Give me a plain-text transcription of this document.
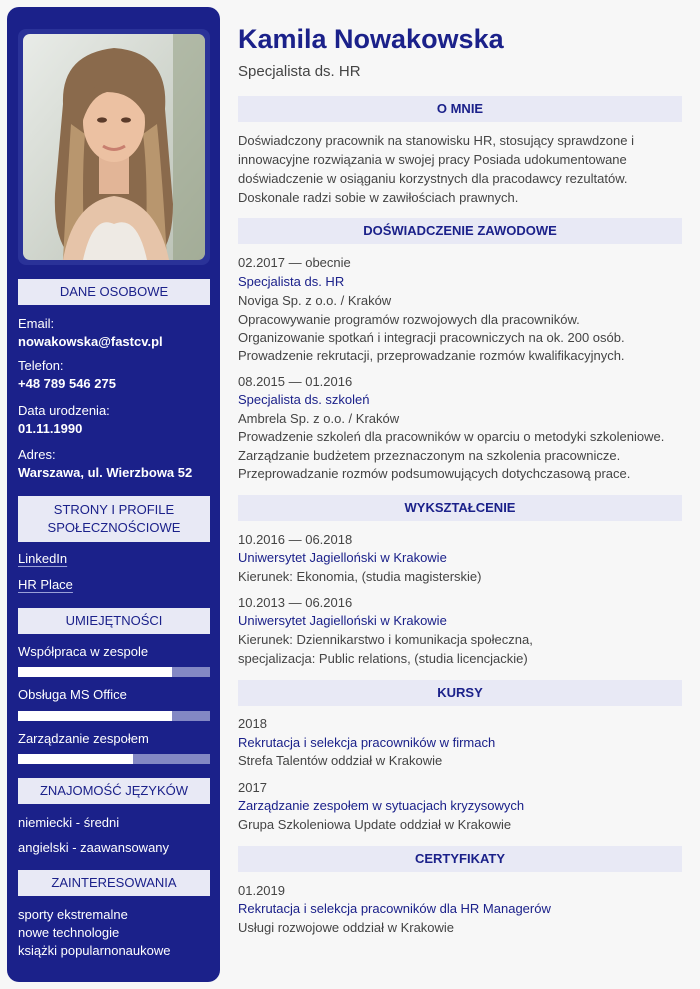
DANE OSOBOWE
Email:
nowakowska@fastcv.pl
Telefon:
+48 789 546 275
Data urodzenia:
01.11.1990
Adres:
Warszawa, ul. Wierzbowa 52
STRONY I PROFILE
SPOŁECZNOŚCIOWE
LinkedIn
HR Place
UMIEJĘTNOŚCI
Współpraca w zespole
Obsługa MS Office
Zarządzanie zespołem
ZNAJOMOŚĆ JĘZYKÓW
niemiecki - średni
angielski - zaawansowany
ZAINTERESOWANIA
sporty ekstremalne
nowe technologie
książki popularnonaukowe
Kamila Nowakowska
Specjalista ds. HR
O MNIE
Doświadczony pracownik na stanowisku HR, stosujący sprawdzone i
innowacyjne rozwiązania w swojej pracy Posiada udokumentowane
doświadczenie w osiąganiu korzystnych dla pracodawcy rezultatów.
Doskonale radzi sobie w zawiłościach prawnych.
DOŚWIADCZENIE ZAWODOWE
02.2017 — obecnie
Specjalista ds. HR
Noviga Sp. z o.o. / Kraków
Opracowywanie programów rozwojowych dla pracowników.
Organizowanie spotkań i integracji pracowniczych na ok. 200 osób.
Prowadzenie rekrutacji, przeprowadzanie rozmów kwalifikacyjnych.
08.2015 — 01.2016
Specjalista ds. szkoleń
Ambrela Sp. z o.o. / Kraków
Prowadzenie szkoleń dla pracowników w oparciu o metodyki szkoleniowe.
Zarządzanie budżetem przeznaczonym na szkolenia pracownicze.
Przeprowadzanie rozmów podsumowujących dotychczasową prace.
WYKSZTAŁCENIE
10.2016 — 06.2018
Uniwersytet Jagielloński w Krakowie
Kierunek: Ekonomia, (studia magisterskie)
10.2013 — 06.2016
Uniwersytet Jagielloński w Krakowie
Kierunek: Dziennikarstwo i komunikacja społeczna,
specjalizacja: Public relations, (studia licencjackie)
KURSY
2018
Rekrutacja i selekcja pracowników w firmach
Strefa Talentów oddział w Krakowie
2017
Zarządzanie zespołem w sytuacjach kryzysowych
Grupa Szkoleniowa Update oddział w Krakowie
CERTYFIKATY
01.2019
Rekrutacja i selekcja pracowników dla HR Managerów
Usługi rozwojowe oddział w Krakowie
